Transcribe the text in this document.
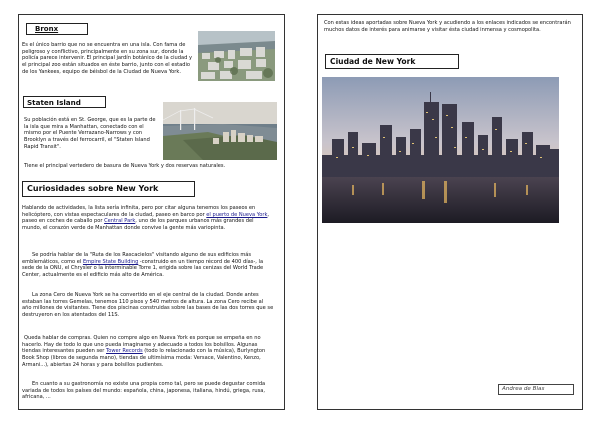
Bronx

Es el único barrio que no se encuentra en una isla. Con fama de peligroso y conflictivo, principalmente en su zona sur, donde la policía parece intervenir. El principal jardín botánico de la ciudad y el principal zoo están situados en éste barrio, junto con el estadio de los Yankees, equipo de béisbol de la Ciudad de Nueva York.

Staten Island

Su población está en St. George, que es la parte de la isla que mira a Manhattan, conectado con el mismo por el Puente Verrazano-Narrows y con Brooklyn a través del ferrocarril, el "Staten Island Rapid Transit".

Tiene el principal vertedero de basura de Nueva York y dos reservas naturales.

Curiosidades sobre New York

Hablando de actividades, la lista sería infinita, pero por citar alguna tenemos los paseos en helicóptero, con vistas espectaculares de la ciudad, paseo en barco por el puerto de Nueva York, paseo en coches de caballo por Central Park, uno de los parques urbanos más grandes del mundo, el corazón verde de Manhattan donde convive la gente más variopinta.

Se podría hablar de la "Ruta de los Rascacielos" visitando alguno de sus edificios más emblemáticos, como el Empire State Building -construido en un tiempo récord de 400 días-, la sede de la ONU, el Chrysler o la interminable Torre 1, erigida sobre las cenizas del World Trade Center, actualmente es el edificio más alto de América.

La zona Cero de Nueva York se ha convertido en el eje central de la ciudad. Donde antes estaban las torres Gemelas, tenemos 110 pisos y 540 metros de altura. La zona Cero recibe al año millones de visitantes. Tiene dos piscinas construidas sobre las bases de las dos torres que se destruyeron en los atentados del 11S.

Queda hablar de compras. Quien no compre algo en Nueva York es porque se empeña en no hacerlo. Hay de todo lo que uno pueda imaginarse y adecuado a todos los bolsillos. Algunas tiendas interesantes pueden ser Tower Records (todo lo relacionado con la música), Burlyngton Book Shop (libros de segunda mano), tiendas de ultimísima moda: Versace, Valentino, Kenzo, Armani...), abiertas 24 horas y para bolsillos pudientes.

En cuanto a su gastronomía no existe una propia como tal, pero se puede degustar comida variada de todos los países del mundo: española, china, japonesa, italiana, hindú, griega, rusa, africana, ...

Con estas ideas aportadas sobre Nueva York y acudiendo a los enlaces indicados se encontrarán muchos datos de interés para animarse y visitar ésta ciudad inmensa y cosmopolita.

Ciudad de New York
Andrea de Blas
